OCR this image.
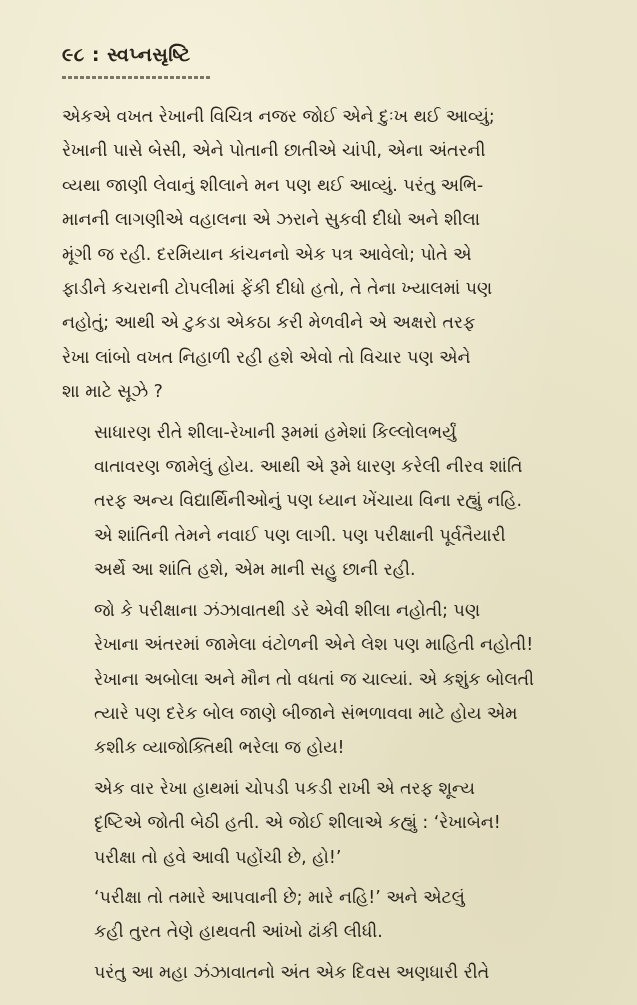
૯૮ : સ્વપ્નસૃષ્ટિ
એકએ વખત રેખાની વિચિત્ર નજર જોઈ એને દુઃખ થઈ આવ્યું;
રેખાની પાસે બેસી, એને પોતાની છાતીએ ચાંપી, એના અંતરની
વ્યથા જાણી લેવાનું શીલાને મન પણ થઈ આવ્યું. પરંતુ અભિ-
માનની લાગણીએ વહાલના એ ઝરાને સુકવી દીધો અને શીલા
મૂંગી જ રહી. દરમિયાન કાંચનનો એક પત્ર આવેલો; પોતે એ
ફાડીને કચરાની ટોપલીમાં ફેંકી દીધો હતો, તે તેના ખ્યાલમાં પણ
નહોતું; આથી એ ટુકડા એકઠા કરી મેળવીને એ અક્ષરો તરફ
રેખા લાંબો વખત નિહાળી રહી હશે એવો તો વિચાર પણ એને
શા માટે સૂઝે ?
સાધારણ રીતે શીલા-રેખાની રૂમમાં હમેશાં કિલ્લોલભર્યું
વાતાવરણ જામેલું હોય. આથી એ રૂમે ધારણ કરેલી નીરવ શાંતિ
તરફ અન્ય વિદ્યાર્થિનીઓનું પણ ધ્યાન ખેંચાયા વિના રહ્યું નહિ.
એ શાંતિની તેમને નવાઈ પણ લાગી. પણ પરીક્ષાની પૂર્વતૈયારી
અર્થે આ શાંતિ હશે, એમ માની સહુ છાની રહી.
જો કે પરીક્ષાના ઝંઝાવાતથી ડરે એવી શીલા નહોતી; પણ
રેખાના અંતરમાં જામેલા વંટોળની એને લેશ પણ માહિતી નહોતી!
રેખાના અબોલા અને મૌન તો વધતાં જ ચાલ્યાં. એ કશુંક બોલતી
ત્યારે પણ દરેક બોલ જાણે બીજાને સંભળાવવા માટે હોય એમ
કશીક વ્યાજોક્તિથી ભરેલા જ હોય!
એક વાર રેખા હાથમાં ચોપડી પકડી રાખી એ તરફ શૂન્ય
દૃષ્ટિએ જોતી બેઠી હતી. એ જોઈ શીલાએ કહ્યું : ‘રેખાબેન!
પરીક્ષા તો હવે આવી પહોંચી છે, હો!’
‘પરીક્ષા તો તમારે આપવાની છે; મારે નહિ!’ અને એટલું
કહી તુરત તેણે હાથવતી આંખો ઢાંકી લીધી.
પરંતુ આ મહા ઝંઝાવાતનો અંત એક દિવસ અણધારી રીતે
